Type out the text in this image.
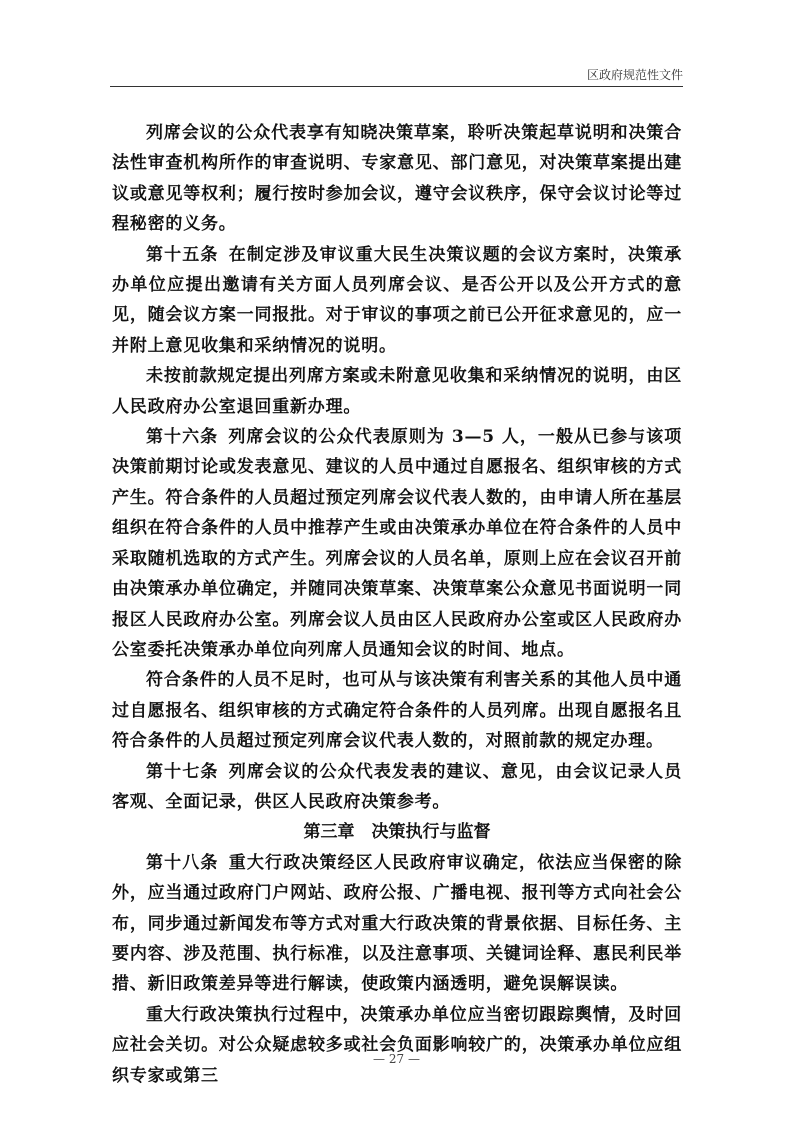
区政府规范性文件

列席会议的公众代表享有知晓决策草案，聆听决策起草说明和决策合法性审查机构所作的审查说明、专家意见、部门意见，对决策草案提出建议或意见等权利；履行按时参加会议，遵守会议秩序，保守会议讨论等过程秘密的义务。

第十五条 在制定涉及审议重大民生决策议题的会议方案时，决策承办单位应提出邀请有关方面人员列席会议、是否公开以及公开方式的意见，随会议方案一同报批。对于审议的事项之前已公开征求意见的，应一并附上意见收集和采纳情况的说明。

未按前款规定提出列席方案或未附意见收集和采纳情况的说明，由区人民政府办公室退回重新办理。

第十六条 列席会议的公众代表原则为 3—5 人，一般从已参与该项决策前期讨论或发表意见、建议的人员中通过自愿报名、组织审核的方式产生。符合条件的人员超过预定列席会议代表人数的，由申请人所在基层组织在符合条件的人员中推荐产生或由决策承办单位在符合条件的人员中采取随机选取的方式产生。列席会议的人员名单，原则上应在会议召开前由决策承办单位确定，并随同决策草案、决策草案公众意见书面说明一同报区人民政府办公室。列席会议人员由区人民政府办公室或区人民政府办公室委托决策承办单位向列席人员通知会议的时间、地点。

符合条件的人员不足时，也可从与该决策有利害关系的其他人员中通过自愿报名、组织审核的方式确定符合条件的人员列席。出现自愿报名且符合条件的人员超过预定列席会议代表人数的，对照前款的规定办理。

第十七条 列席会议的公众代表发表的建议、意见，由会议记录人员客观、全面记录，供区人民政府决策参考。

第三章　决策执行与监督

第十八条 重大行政决策经区人民政府审议确定，依法应当保密的除外，应当通过政府门户网站、政府公报、广播电视、报刊等方式向社会公布，同步通过新闻发布等方式对重大行政决策的背景依据、目标任务、主要内容、涉及范围、执行标准，以及注意事项、关键词诠释、惠民利民举措、新旧政策差异等进行解读，使政策内涵透明，避免误解误读。

重大行政决策执行过程中，决策承办单位应当密切跟踪舆情，及时回应社会关切。对公众疑虑较多或社会负面影响较广的，决策承办单位应组织专家或第三

— 27 —
